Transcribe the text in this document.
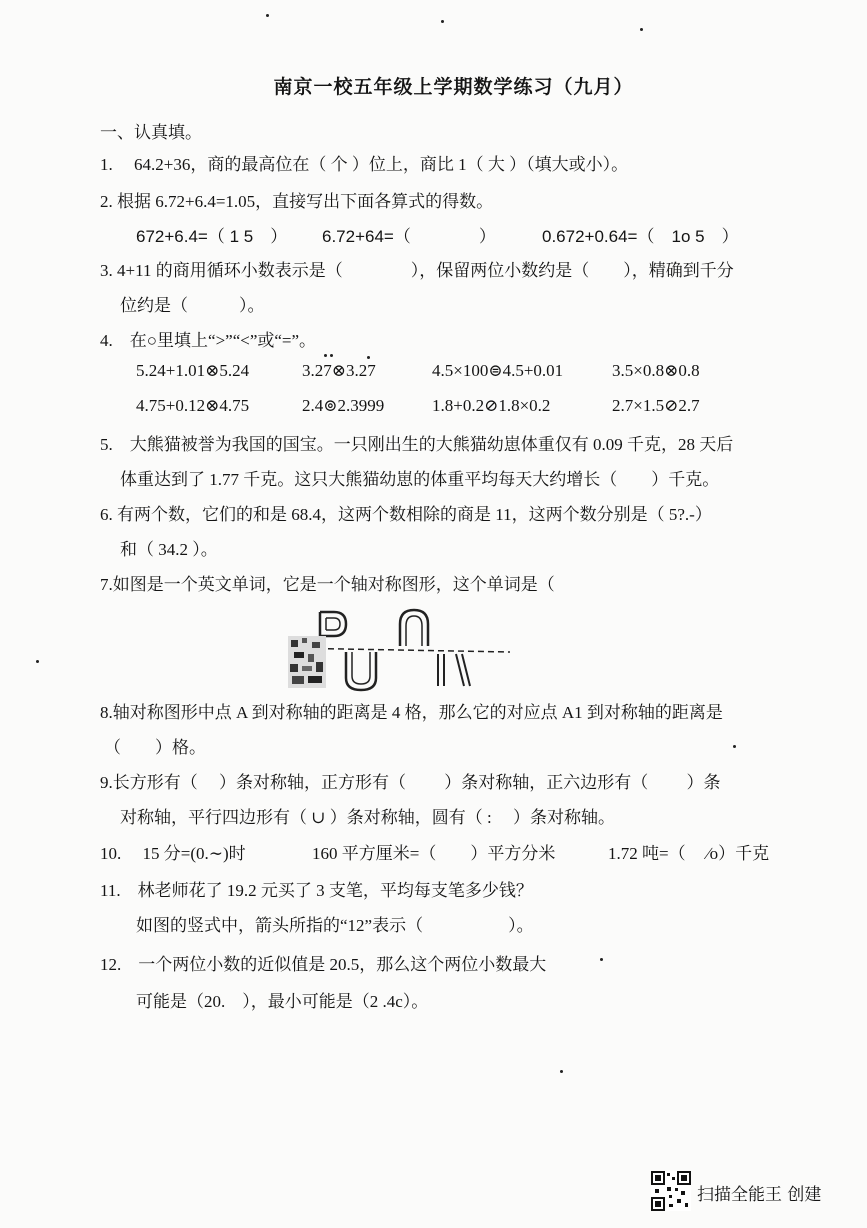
南京一校五年级上学期数学练习（九月）
一、认真填。
1.　 64.2+36，商的最高位在（ 个 ）位上，商比 1（ 大 ）（填大或小）。
2. 根据 6.72+6.4=1.05，直接写出下面各算式的得数。
672+6.4=（ 1 5　） 6.72+64=（　　　　）	0.672+0.64=（　1o 5　）
3. 4+11 的商用循环小数表示是（　　　　），保留两位小数约是（　　），精确到千分
位约是（　　　）。
4.　在○里填上“>”“<”或“=”。
5.24+1.01⊗5.24	3.27⊗3.27	4.5×100⊜4.5+0.01	3.5×0.8⊗0.8
4.75+0.12⊗4.75	2.4⊚2.3999	1.8+0.2⊘1.8×0.2	2.7×1.5⊘2.7
5.　大熊猫被誉为我国的国宝。一只刚出生的大熊猫幼崽体重仅有 0.09 千克，28 天后
体重达到了 1.77 千克。这只大熊猫幼崽的体重平均每天大约增长（　　）千克。
6. 有两个数，它们的和是 68.4，这两个数相除的商是 11，这两个数分别是（ 5?.-）
和（ 34.2 ）。
7.如图是一个英文单词，它是一个轴对称图形，这个单词是（
8.轴对称图形中点 A 到对称轴的距离是 4 格，那么它的对应点 A1 到对称轴的距离是
（　　）格。
9.长方形有（　 ）条对称轴，正方形有（　　 ）条对称轴，正六边形有（　　 ）条
对称轴，平行四边形有（ ∪ ）条对称轴，圆有（ : 　）条对称轴。
10.　 15 分=(0.∼)时	160 平方厘米=（　　）平方分米	1.72 吨=（　 ∕o）千克
11.　林老师花了 19.2 元买了 3 支笔，平均每支笔多少钱？
如图的竖式中，箭头所指的“12”表示（　　　　　）。
12.　一个两位小数的近似值是 20.5，那么这个两位小数最大
可能是（20.　），最小可能是（2 .4c）。
扫描全能王 创建
